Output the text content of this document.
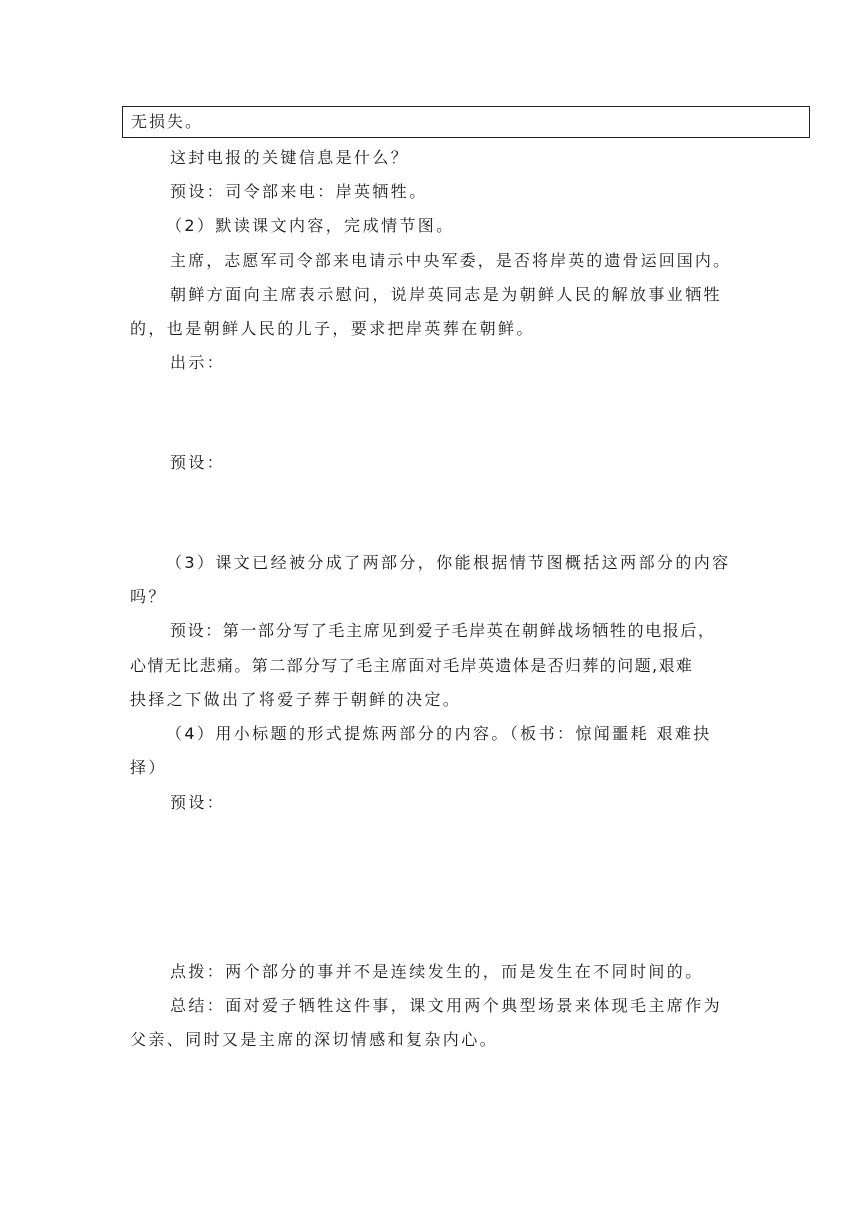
无损失。
这封电报的关键信息是什么？
预设：司令部来电：岸英牺牲。
（2）默读课文内容，完成情节图。
主席，志愿军司令部来电请示中央军委，是否将岸英的遗骨运回国内。
朝鲜方面向主席表示慰问，说岸英同志是为朝鲜人民的解放事业牺牲
的，也是朝鲜人民的儿子，要求把岸英葬在朝鲜。
出示：
预设：
（3）课文已经被分成了两部分，你能根据情节图概括这两部分的内容
吗？
预设：第一部分写了毛主席见到爱子毛岸英在朝鲜战场牺牲的电报后，
心情无比悲痛。第二部分写了毛主席面对毛岸英遗体是否归葬的问题,艰难
抉择之下做出了将爱子葬于朝鲜的决定。
（4）用小标题的形式提炼两部分的内容。（板书：惊闻噩耗 艰难抉
择）
预设：
点拨：两个部分的事并不是连续发生的，而是发生在不同时间的。
总结：面对爱子牺牲这件事，课文用两个典型场景来体现毛主席作为
父亲、同时又是主席的深切情感和复杂内心。
